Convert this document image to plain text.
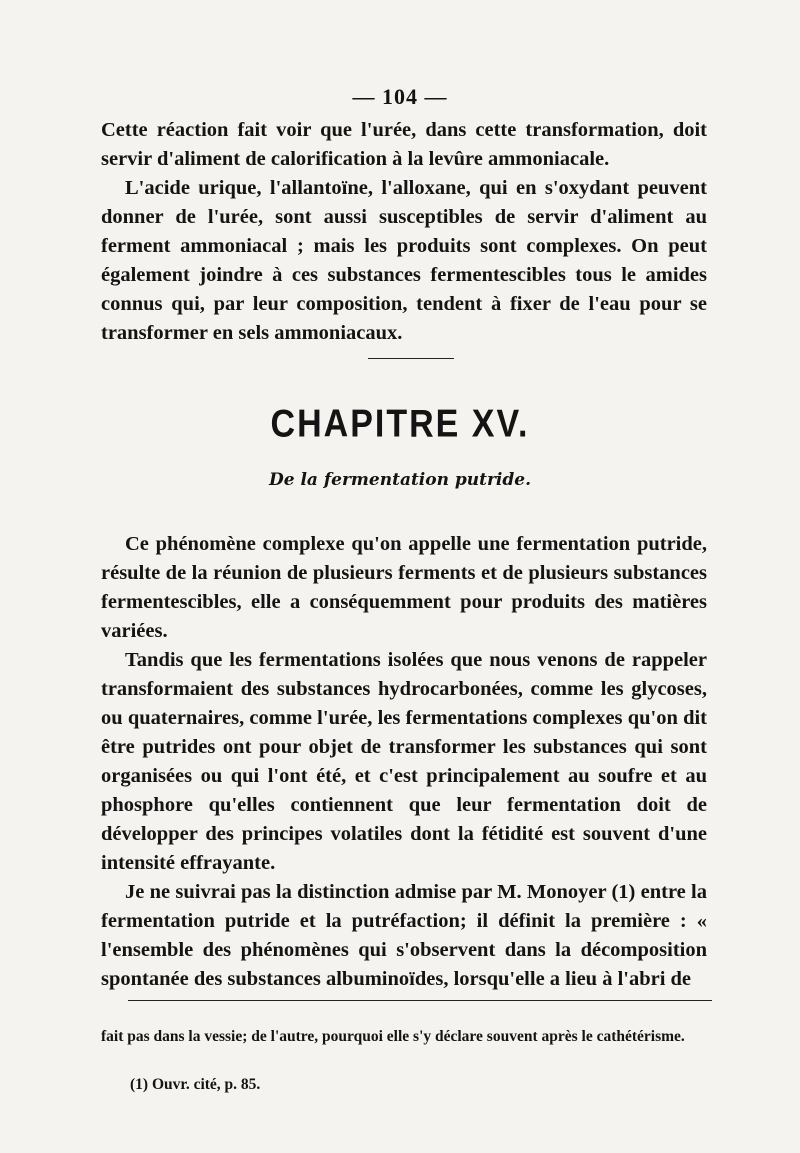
— 104 —

Cette réaction fait voir que l'urée, dans cette transformation, doit servir d'aliment de calorification à la levûre ammoniacale.

L'acide urique, l'allantoïne, l'alloxane, qui en s'oxydant peuvent donner de l'urée, sont aussi susceptibles de servir d'aliment au ferment ammoniacal ; mais les produits sont complexes. On peut également joindre à ces substances fermentescibles tous le amides connus qui, par leur composition, tendent à fixer de l'eau pour se transformer en sels ammoniacaux.

CHAPITRE XV.
De la fermentation putride.

Ce phénomène complexe qu'on appelle une fermentation putride, résulte de la réunion de plusieurs ferments et de plusieurs substances fermentescibles, elle a conséquemment pour produits des matières variées.

Tandis que les fermentations isolées que nous venons de rappeler transformaient des substances hydrocarbonées, comme les glycoses, ou quaternaires, comme l'urée, les fermentations complexes qu'on dit être putrides ont pour objet de transformer les substances qui sont organisées ou qui l'ont été, et c'est principalement au soufre et au phosphore qu'elles contiennent que leur fermentation doit de développer des principes volatiles dont la fétidité est souvent d'une intensité effrayante.

Je ne suivrai pas la distinction admise par M. Monoyer (1) entre la fermentation putride et la putréfaction; il définit la première : « l'ensemble des phénomènes qui s'observent dans la décomposition spontanée des substances albuminoïdes, lorsqu'elle a lieu à l'abri de

fait pas dans la vessie; de l'autre, pourquoi elle s'y déclare souvent après le cathétérisme.

(1) Ouvr. cité, p. 85.
